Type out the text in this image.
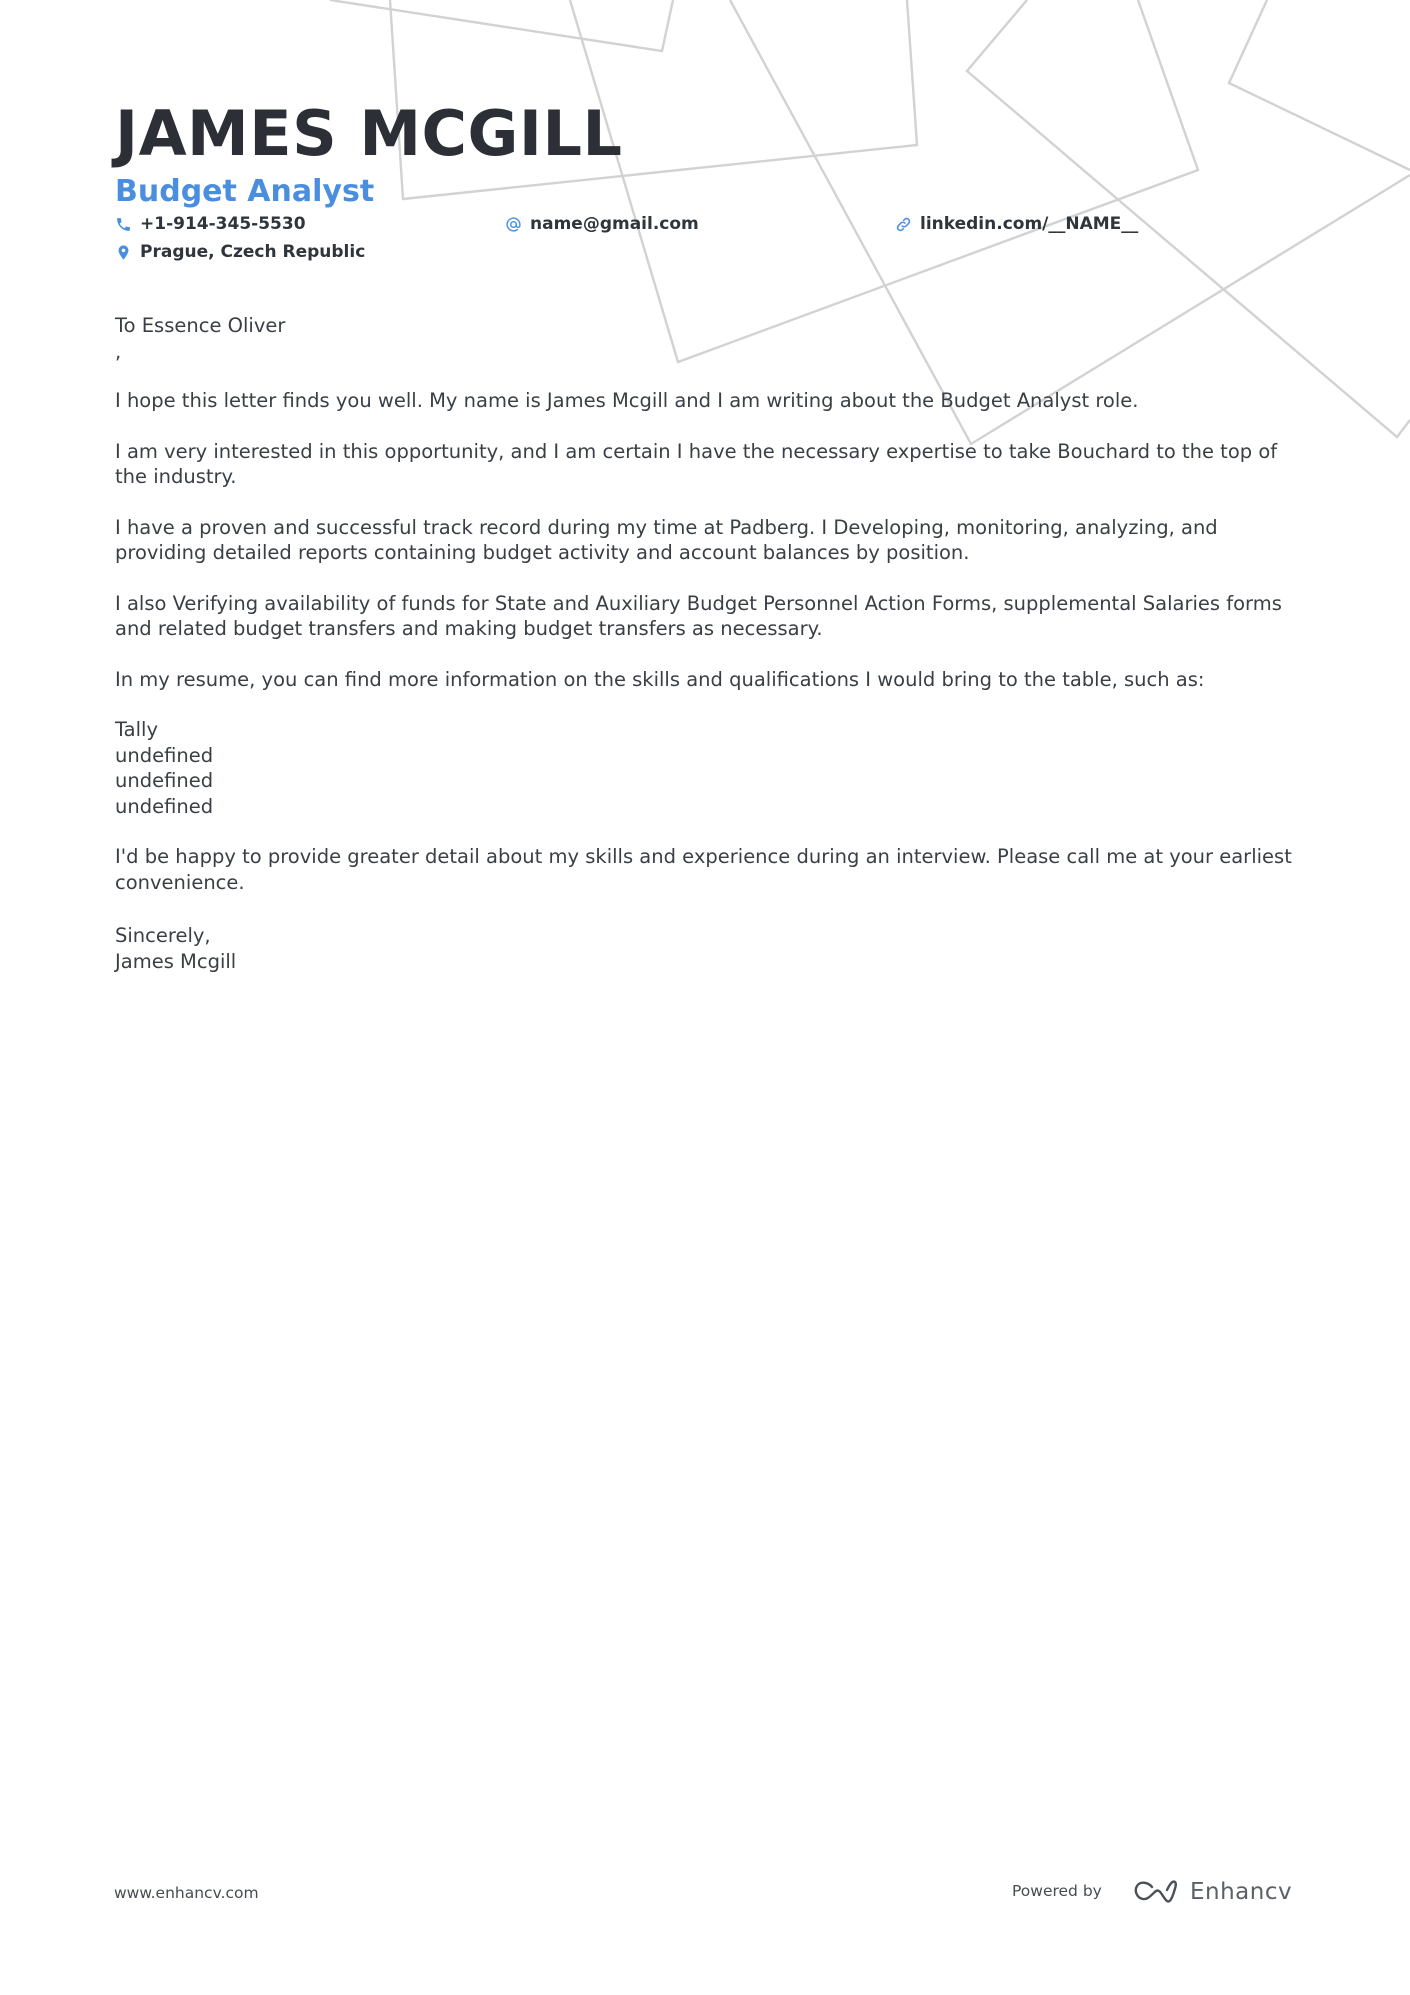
JAMES MCGILL
Budget Analyst
+1-914-345-5530	name@gmail.com	linkedin.com/__NAME__
Prague, Czech Republic

To Essence Oliver

,

I hope this letter finds you well. My name is James Mcgill and I am writing about the Budget Analyst role.

I am very interested in this opportunity, and I am certain I have the necessary expertise to take Bouchard to the top of the industry.

I have a proven and successful track record during my time at Padberg. I Developing, monitoring, analyzing, and providing detailed reports containing budget activity and account balances by position.

I also Verifying availability of funds for State and Auxiliary Budget Personnel Action Forms, supplemental Salaries forms and related budget transfers and making budget transfers as necessary.

In my resume, you can find more information on the skills and qualifications I would bring to the table, such as:

Tally
undefined
undefined
undefined

I'd be happy to provide greater detail about my skills and experience during an interview. Please call me at your earliest convenience.

Sincerely,

James Mcgill

www.enhancv.com	Powered by	Enhancv
